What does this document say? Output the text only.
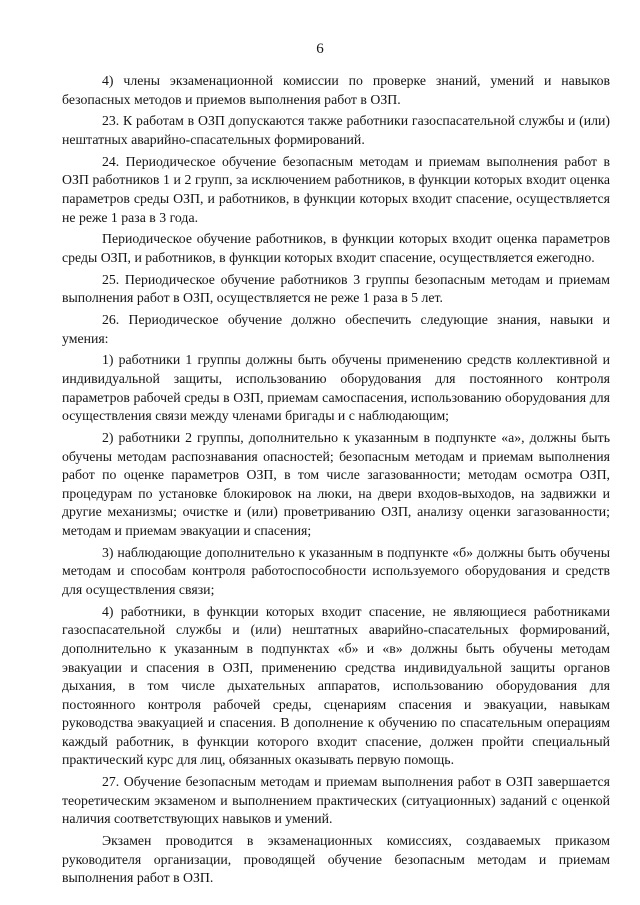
6

4) члены экзаменационной комиссии по проверке знаний, умений и навыков безопасных методов и приемов выполнения работ в ОЗП.

23. К работам в ОЗП допускаются также работники газоспасательной службы и (или) нештатных аварийно-спасательных формирований.

24. Периодическое обучение безопасным методам и приемам выполнения работ в ОЗП работников 1 и 2 групп, за исключением работников, в функции которых входит оценка параметров среды ОЗП, и работников, в функции которых входит спасение, осуществляется не реже 1 раза в 3 года.

Периодическое обучение работников, в функции которых входит оценка параметров среды ОЗП, и работников, в функции которых входит спасение, осуществляется ежегодно.

25. Периодическое обучение работников 3 группы безопасным методам и приемам выполнения работ в ОЗП, осуществляется не реже 1 раза в 5 лет.

26. Периодическое обучение должно обеспечить следующие знания, навыки и умения:

1) работники 1 группы должны быть обучены применению средств коллективной и индивидуальной защиты, использованию оборудования для постоянного контроля параметров рабочей среды в ОЗП, приемам самоспасения, использованию оборудования для осуществления связи между членами бригады и с наблюдающим;

2) работники 2 группы, дополнительно к указанным в подпункте «а», должны быть обучены методам распознавания опасностей; безопасным методам и приемам выполнения работ по оценке параметров ОЗП, в том числе загазованности; методам осмотра ОЗП, процедурам по установке блокировок на люки, на двери входов-выходов, на задвижки и другие механизмы; очистке и (или) проветриванию ОЗП, анализу оценки загазованности; методам и приемам эвакуации и спасения;

3) наблюдающие дополнительно к указанным в подпункте «б» должны быть обучены методам и способам контроля работоспособности используемого оборудования и средств для осуществления связи;

4) работники, в функции которых входит спасение, не являющиеся работниками газоспасательной службы и (или) нештатных аварийно-спасательных формирований, дополнительно к указанным в подпунктах «б» и «в» должны быть обучены методам эвакуации и спасения в ОЗП, применению средства индивидуальной защиты органов дыхания, в том числе дыхательных аппаратов, использованию оборудования для постоянного контроля рабочей среды, сценариям спасения и эвакуации, навыкам руководства эвакуацией и спасения. В дополнение к обучению по спасательным операциям каждый работник, в функции которого входит спасение, должен пройти специальный практический курс для лиц, обязанных оказывать первую помощь.

27. Обучение безопасным методам и приемам выполнения работ в ОЗП завершается теоретическим экзаменом и выполнением практических (ситуационных) заданий с оценкой наличия соответствующих навыков и умений.

Экзамен проводится в экзаменационных комиссиях, создаваемых приказом руководителя организации, проводящей обучение безопасным методам и приемам выполнения работ в ОЗП.
